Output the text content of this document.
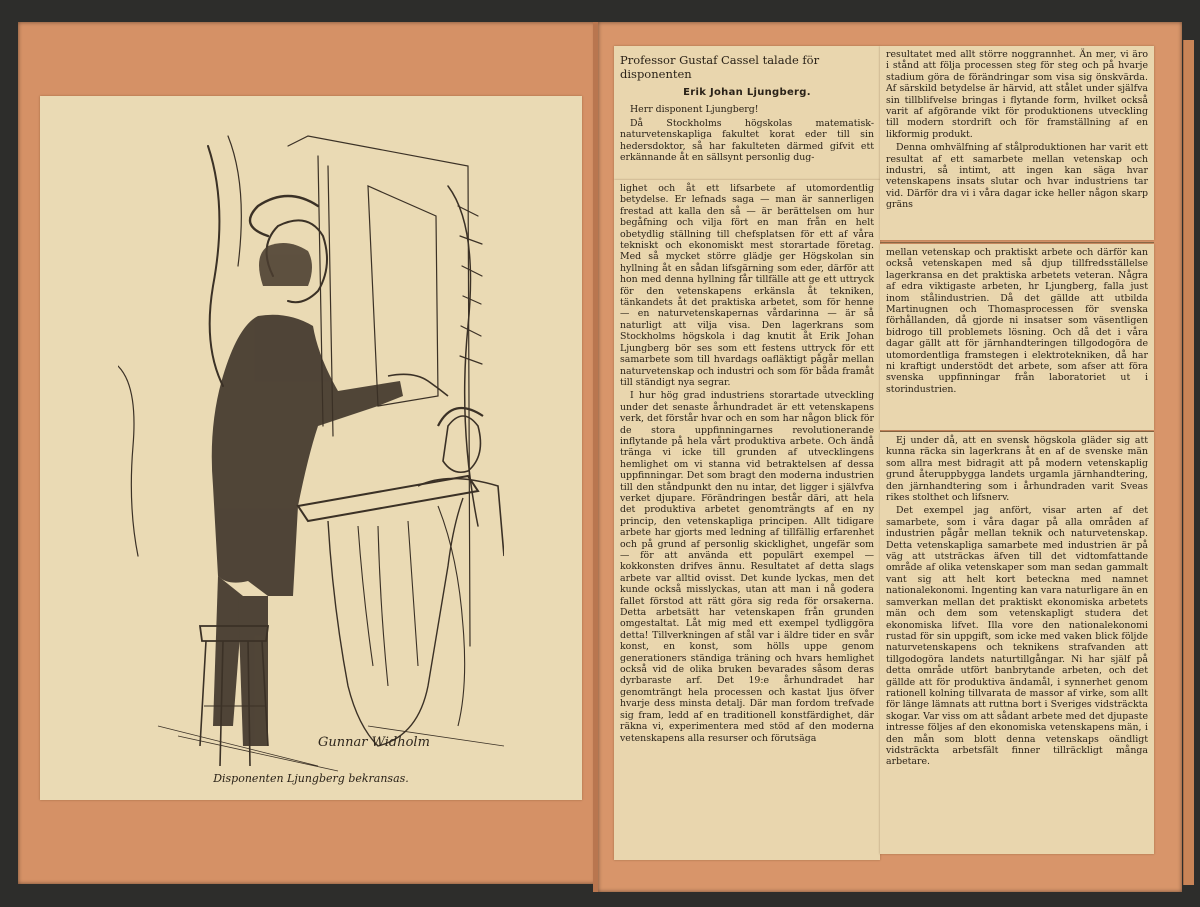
Gunnar Widholm
Disponenten Ljungberg bekransas.

Professor Gustaf Cassel talade för disponenten

Erik Johan Ljungberg.

Herr disponent Ljungberg!

Då Stockholms högskolas matematisk-naturvetenskapliga fakultet korat eder till sin hedersdoktor, så har fakulteten därmed gifvit ett erkännande åt en sällsynt personlig dug-

lighet och åt ett lifsarbete af utomordentlig betydelse. Er lefnads saga — man är sannerligen frestad att kalla den så — är berättelsen om hur begåfning och vilja fört en man från en helt obetydlig ställning till chefsplatsen för ett af våra tekniskt och ekonomiskt mest storartade företag. Med så mycket större glädje ger Högskolan sin hyllning åt en sådan lifsgärning som eder, därför att hon med denna hyllning får tillfälle att ge ett uttryck för den vetenskapens erkänsla åt tekniken, tänkandets åt det praktiska arbetet, som för henne — en naturvetenskapernas vårdarinna — är så naturligt att vilja visa. Den lagerkrans som Stockholms högskola i dag knutit åt Erik Johan Ljungberg bör ses som ett festens uttryck för ett samarbete som till hvardags oafläktigt pågår mellan naturvetenskap och industri och som för båda framåt till ständigt nya segrar.

I hur hög grad industriens storartade utveckling under det senaste århundradet är ett vetenskapens verk, det förstår hvar och en som har någon blick för de stora uppfinningarnes revolutionerande inflytande på hela vårt produktiva arbete. Och ändå tränga vi icke till grunden af utvecklingens hemlighet om vi stanna vid betraktelsen af dessa uppfinningar. Det som bragt den moderna industrien till den ståndpunkt den nu intar, det ligger i självfva verket djupare. Förändringen består däri, att hela det produktiva arbetet genomträngts af en ny princip, den vetenskapliga principen. Allt tidigare arbete har gjorts med ledning af tillfällig erfarenhet och på grund af personlig skicklighet, ungefär som — för att använda ett populärt exempel — kokkonsten drifves ännu. Resultatet af detta slags arbete var alltid ovisst. Det kunde lyckas, men det kunde också misslyckas, utan att man i nå godera fallet förstod att rätt göra sig reda för orsakerna. Detta arbetsätt har vetenskapen från grunden omgestaltat. Låt mig med ett exempel tydliggöra detta! Tillverkningen af stål var i äldre tider en svår konst, en konst, som hölls uppe genom generationers ständiga träning och hvars hemlighet också vid de olika bruken bevarades såsom deras dyrbaraste arf. Det 19:e århundradet har genomträngt hela processen och kastat ljus öfver hvarje dess minsta detalj. Där man fordom trefvade sig fram, ledd af en traditionell konstfärdighet, där räkna vi, experimentera med stöd af den moderna vetenskapens alla resurser och förutsäga

resultatet med allt större noggrannhet. Än mer, vi äro i stånd att följa processen steg för steg och på hvarje stadium göra de förändringar som visa sig önskvärda. Af särskild betydelse är härvid, att stålet under själfva sin tillblifvelse bringas i flytande form, hvilket också varit af afgörande vikt för produktionens utveckling till modern stordrift och för framställning af en likformig produkt.

Denna omhvälfning af stålproduktionen har varit ett resultat af ett samarbete mellan vetenskap och industri, så intimt, att ingen kan säga hvar vetenskapens insats slutar och hvar industriens tar vid. Därför dra vi i våra dagar icke heller någon skarp gräns

mellan vetenskap och praktiskt arbete och därför kan också vetenskapen med så djup tillfredsställelse lagerkransa en det praktiska arbetets veteran. Några af edra viktigaste arbeten, hr Ljungberg, falla just inom stålindustrien. Då det gällde att utbilda Martinugnen och Thomasprocessen för svenska förhållanden, då gjorde ni insatser som väsentligen bidrogo till problemets lösning. Och då det i våra dagar gällt att för järnhandteringen tillgodogöra de utomordentliga framstegen i elektrotekniken, då har ni kraftigt understödt det arbete, som afser att föra svenska uppfinningar från laboratoriet ut i storindustrien.

Ej under då, att en svensk högskola gläder sig att kunna räcka sin lagerkrans åt en af de svenske män som allra mest bidragit att på modern vetenskaplig grund återuppbygga landets urgamla järnhandtering, den järnhandtering som i århundraden varit Sveas rikes stolthet och lifsnerv.

Det exempel jag anfört, visar arten af det samarbete, som i våra dagar på alla områden af industrien pågår mellan teknik och naturvetenskap. Detta vetenskapliga samarbete med industrien är på väg att utsträckas äfven till det vidtomfattande område af olika vetenskaper som man sedan gammalt vant sig att helt kort beteckna med namnet nationalekonomi. Ingenting kan vara naturligare än en samverkan mellan det praktiskt ekonomiska arbetets män och dem som vetenskapligt studera det ekonomiska lifvet. Illa vore den nationalekonomi rustad för sin uppgift, som icke med vaken blick följde naturvetenskapens och teknikens strafvanden att tillgodogöra landets naturtillgångar. Ni har själf på detta område utfört banbrytande arbeten, och det gällde att för produktiva ändamål, i synnerhet genom rationell kolning tillvarata de massor af virke, som allt för länge lämnats att ruttna bort i Sveriges vidsträckta skogar. Var viss om att sådant arbete med det djupaste intresse följes af den ekonomiska vetenskapens män, i den mån som blott denna vetenskaps oändligt vidsträckta arbetsfält finner tillräckligt många arbetare.
